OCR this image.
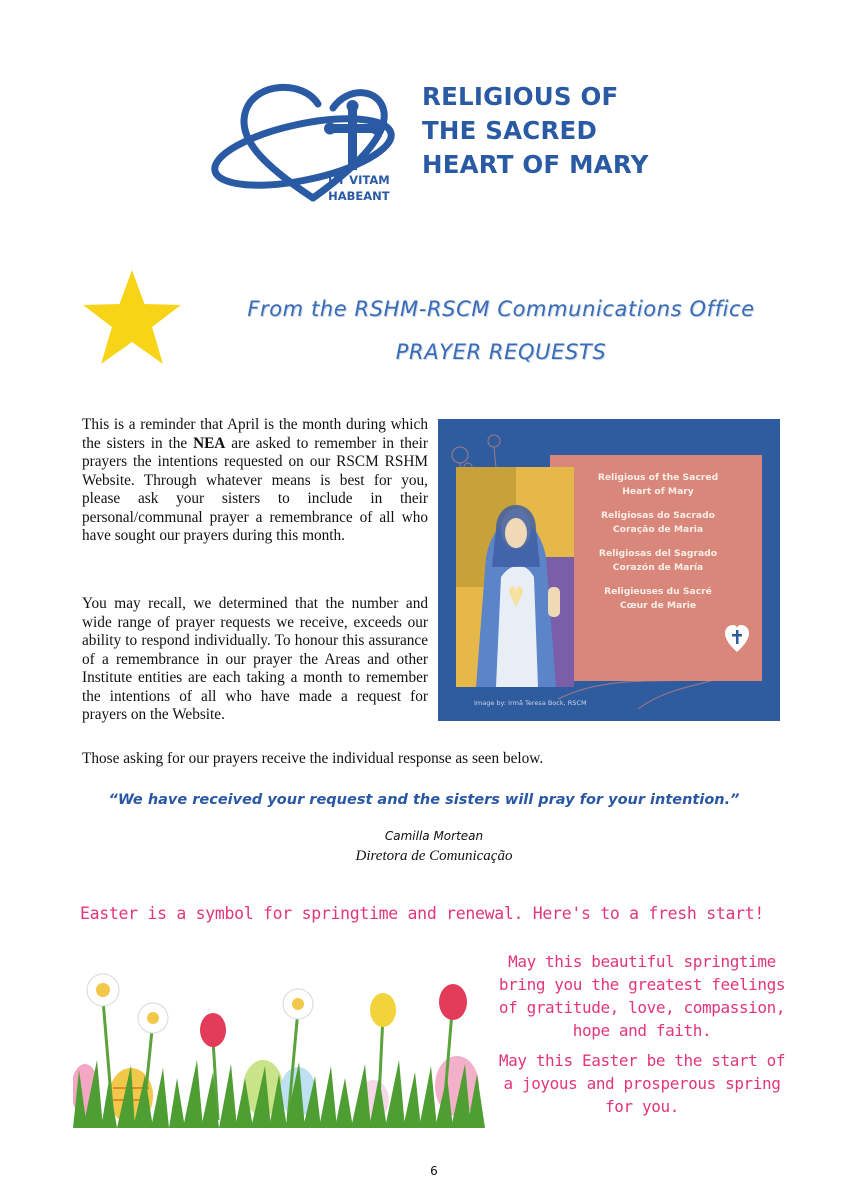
RELIGIOUS OF
THE SACRED
HEART OF MARY
UT VITAM
HABEANT
From the RSHM-RSCM Communications Office
PRAYER REQUESTS
This is a reminder that April is the month during which the sisters in the NEA are asked to remember in their prayers the intentions requested on our RSCM RSHM Website. Through whatever means is best for you, please ask your sisters to include in their personal/communal prayer a remembrance of all who have sought our prayers during this month.
You may recall, we determined that the number and wide range of prayer requests we receive, exceeds our ability to respond individually. To honour this assurance of a remembrance in our prayer the Areas and other Institute entities are each taking a month to remember the intentions of all who have made a request for prayers on the Website.
Those asking for our prayers receive the individual response as seen below.
Religious of the Sacred
Heart of Mary
Religiosas do Sacrado
Coração de Maria
Religiosas del Sagrado
Corazón de María
Religieuses du Sacré
Cœur de Marie
Image by: Irmã Teresa Bock, RSCM
“We have received your request and the sisters will pray for your intention.”
Camilla Mortean
Diretora de Comunicação
Easter is a symbol for springtime and renewal. Here's to a fresh start!
May this beautiful springtime bring you the greatest feelings of gratitude, love, compassion, hope and faith.
May this Easter be the start of a joyous and prosperous spring for you.
6
